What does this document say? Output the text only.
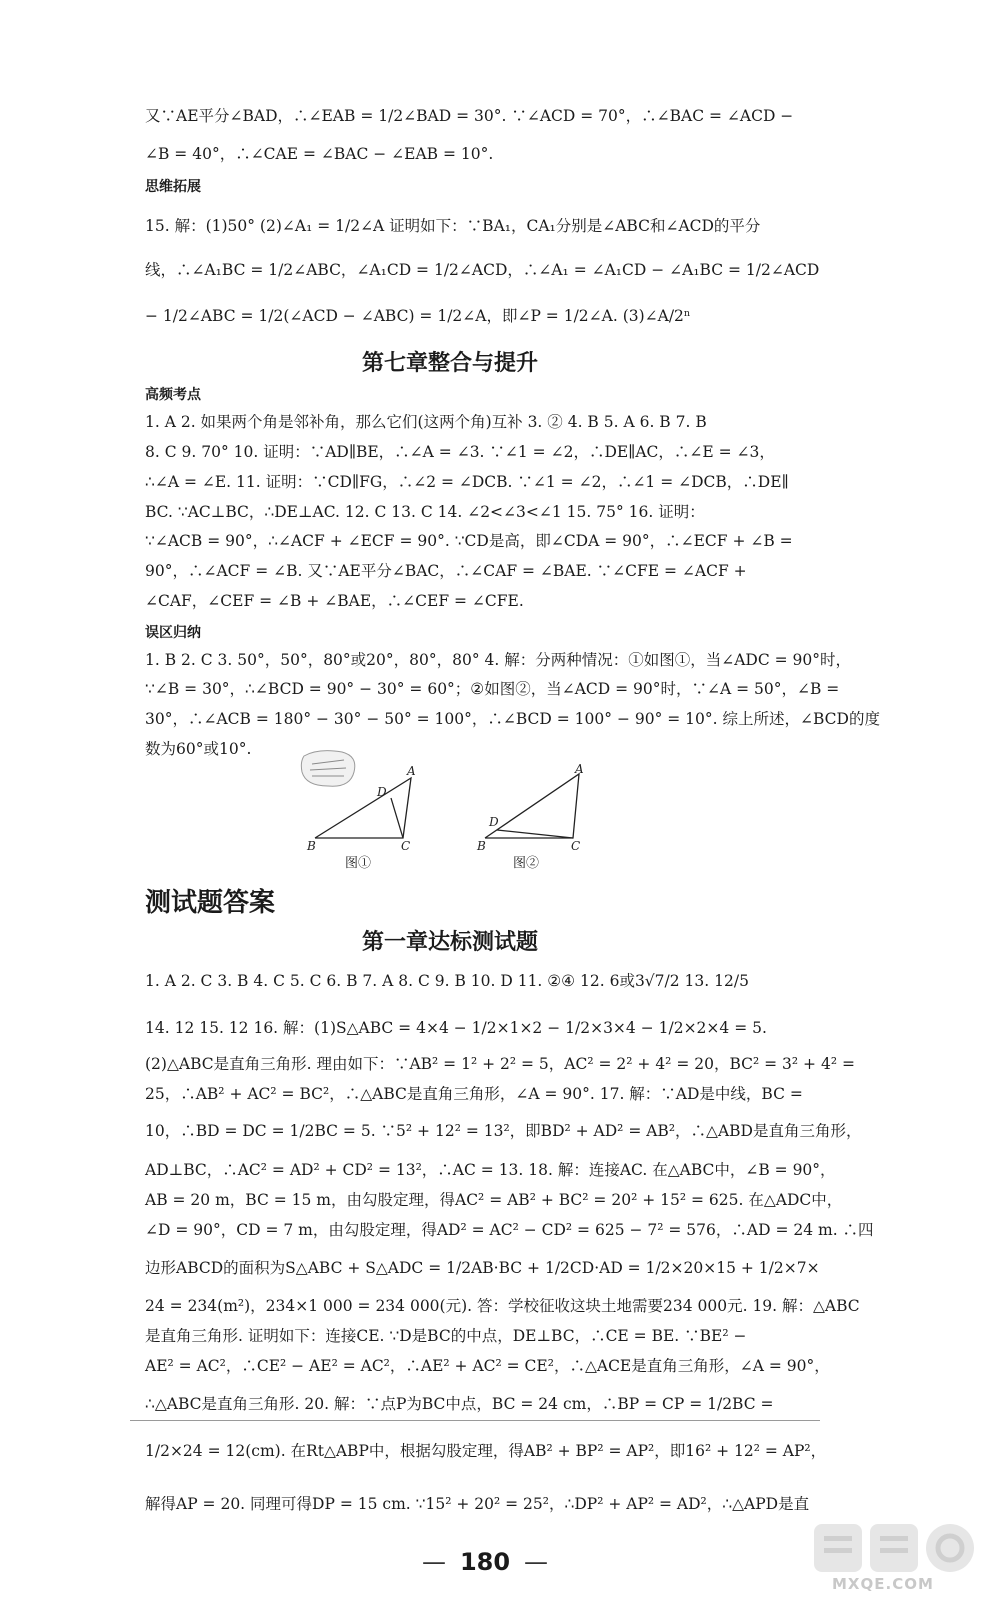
又∵AE平分∠BAD，∴∠EAB = 1/2∠BAD = 30°. ∵∠ACD = 70°，∴∠BAC = ∠ACD −
∠B = 40°，∴∠CAE = ∠BAC − ∠EAB = 10°.
思维拓展
15. 解：(1)50° (2)∠A₁ = 1/2∠A 证明如下：∵BA₁，CA₁分别是∠ABC和∠ACD的平分
线，∴∠A₁BC = 1/2∠ABC，∠A₁CD = 1/2∠ACD，∴∠A₁ = ∠A₁CD − ∠A₁BC = 1/2∠ACD
− 1/2∠ABC = 1/2(∠ACD − ∠ABC) = 1/2∠A，即∠P = 1/2∠A. (3)∠A/2ⁿ
第七章整合与提升
高频考点
1. A 2. 如果两个角是邻补角，那么它们(这两个角)互补 3. ② 4. B 5. A 6. B 7. B
8. C 9. 70° 10. 证明：∵AD∥BE，∴∠A = ∠3. ∵∠1 = ∠2，∴DE∥AC，∴∠E = ∠3，
∴∠A = ∠E. 11. 证明：∵CD∥FG，∴∠2 = ∠DCB. ∵∠1 = ∠2，∴∠1 = ∠DCB，∴DE∥
BC. ∵AC⊥BC，∴DE⊥AC. 12. C 13. C 14. ∠2<∠3<∠1 15. 75° 16. 证明：
∵∠ACB = 90°，∴∠ACF + ∠ECF = 90°. ∵CD是高，即∠CDA = 90°，∴∠ECF + ∠B =
90°，∴∠ACF = ∠B. 又∵AE平分∠BAC，∴∠CAF = ∠BAE. ∵∠CFE = ∠ACF +
∠CAF，∠CEF = ∠B + ∠BAE，∴∠CEF = ∠CFE.
误区归纳
1. B 2. C 3. 50°，50°，80°或20°，80°，80° 4. 解：分两种情况：①如图①，当∠ADC = 90°时，
∵∠B = 30°，∴∠BCD = 90° − 30° = 60°；②如图②，当∠ACD = 90°时，∵∠A = 50°，∠B =
30°，∴∠ACB = 180° − 30° − 50° = 100°，∴∠BCD = 100° − 90° = 10°. 综上所述，∠BCD的度
数为60°或10°.
A
B	C
D
图①
A
B	C
D
图②
测试题答案
第一章达标测试题
1. A 2. C 3. B 4. C 5. C 6. B 7. A 8. C 9. B 10. D 11. ②④ 12. 6或3√7/2 13. 12/5
14. 12 15. 12 16. 解：(1)S△ABC = 4×4 − 1/2×1×2 − 1/2×3×4 − 1/2×2×4 = 5.
(2)△ABC是直角三角形. 理由如下：∵AB² = 1² + 2² = 5，AC² = 2² + 4² = 20，BC² = 3² + 4² =
25，∴AB² + AC² = BC²，∴△ABC是直角三角形，∠A = 90°. 17. 解：∵AD是中线，BC =
10，∴BD = DC = 1/2BC = 5. ∵5² + 12² = 13²，即BD² + AD² = AB²，∴△ABD是直角三角形，
AD⊥BC，∴AC² = AD² + CD² = 13²，∴AC = 13. 18. 解：连接AC. 在△ABC中，∠B = 90°，
AB = 20 m，BC = 15 m，由勾股定理，得AC² = AB² + BC² = 20² + 15² = 625. 在△ADC中，
∠D = 90°，CD = 7 m，由勾股定理，得AD² = AC² − CD² = 625 − 7² = 576，∴AD = 24 m. ∴四
边形ABCD的面积为S△ABC + S△ADC = 1/2AB·BC + 1/2CD·AD = 1/2×20×15 + 1/2×7×
24 = 234(m²)，234×1 000 = 234 000(元). 答：学校征收这块土地需要234 000元. 19. 解：△ABC
是直角三角形. 证明如下：连接CE. ∵D是BC的中点，DE⊥BC，∴CE = BE. ∵BE² −
AE² = AC²，∴CE² − AE² = AC²，∴AE² + AC² = CE²，∴△ACE是直角三角形，∠A = 90°，
∴△ABC是直角三角形. 20. 解：∵点P为BC中点，BC = 24 cm，∴BP = CP = 1/2BC =
1/2×24 = 12(cm). 在Rt△ABP中，根据勾股定理，得AB² + BP² = AP²，即16² + 12² = AP²，
解得AP = 20. 同理可得DP = 15 cm. ∵15² + 20² = 25²，∴DP² + AP² = AD²，∴△APD是直
— 180 —
MXQE.COM
